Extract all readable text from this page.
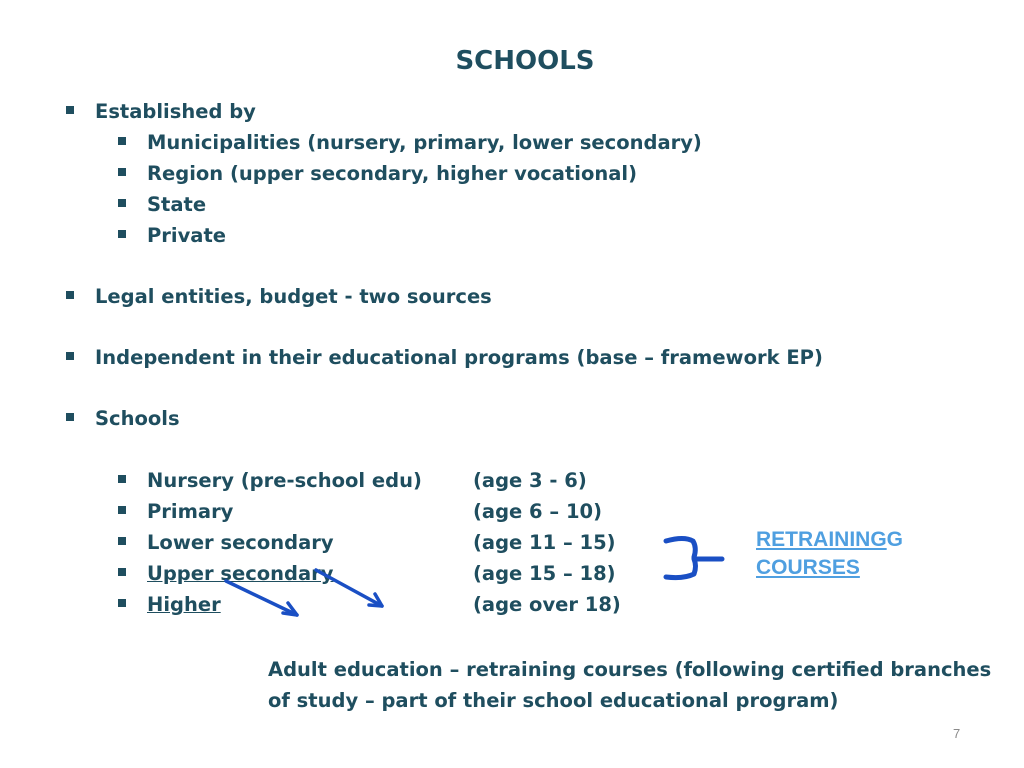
SCHOOLS
Established by
Municipalities (nursery, primary, lower secondary)
Region (upper secondary, higher vocational)
State
Private
Legal entities, budget - two sources
Independent in their educational programs (base – framework EP)
Schools
Nursery (pre-school edu)	(age 3 - 6)
Primary	(age 6 – 10)
Lower secondary	(age 11 – 15)
Upper secondary	(age 15 – 18)
Higher	(age over 18)
RETRAININGG
COURSES
Adult education – retraining courses (following certified branches of study – part of their school educational program)
7
